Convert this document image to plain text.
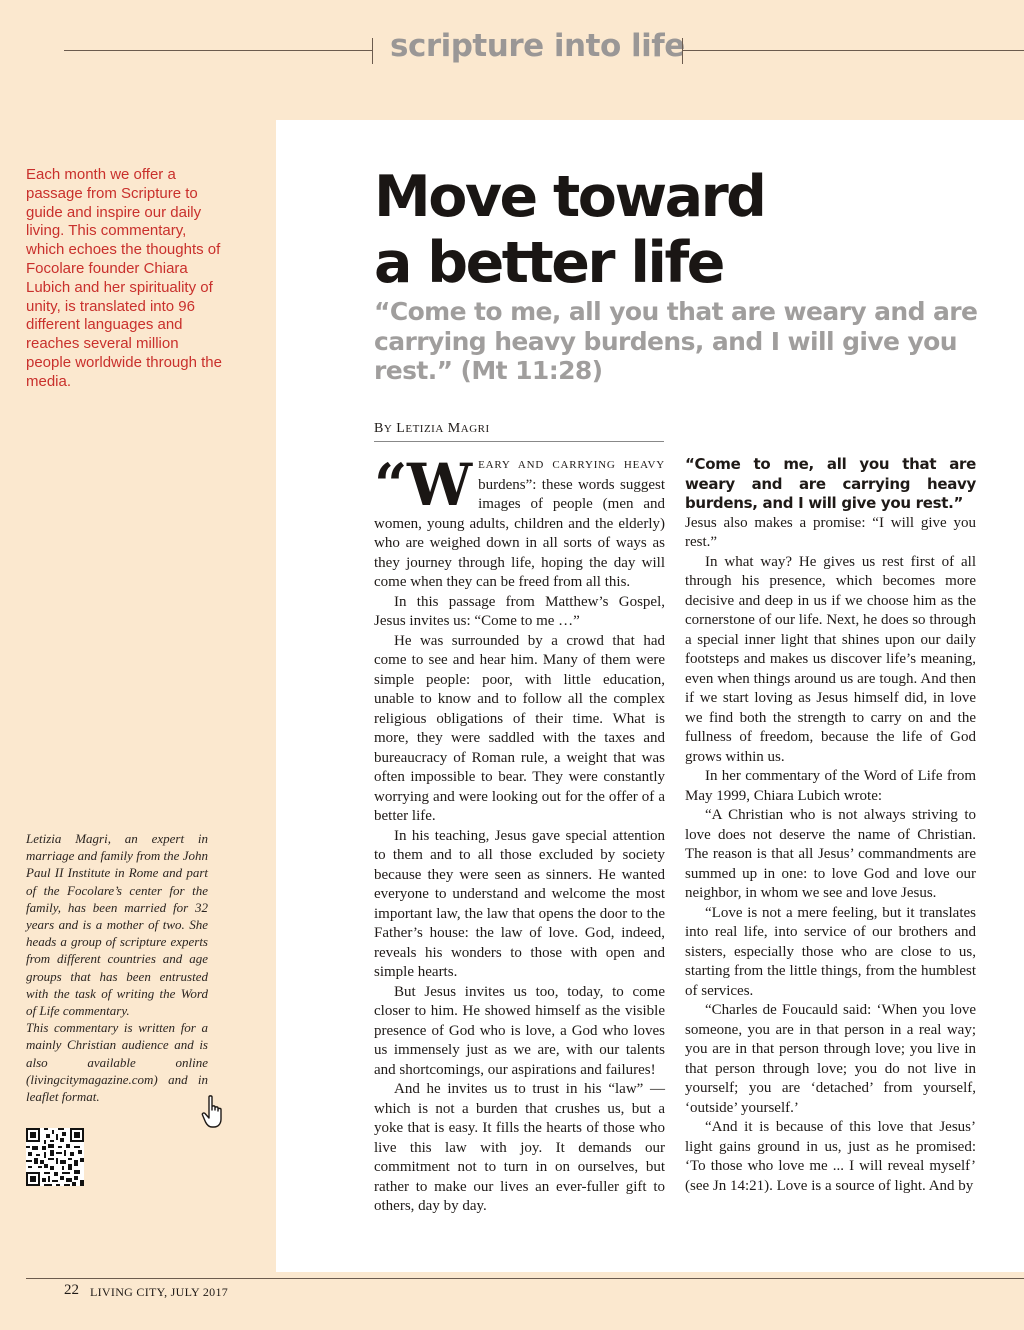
scripture into life
Each month we offer a passage from Scripture to guide and inspire our daily living. This commentary, which echoes the thoughts of Focolare founder Chiara Lubich and her spirituality of unity, is translated into 96 different languages and reaches several million people worldwide through the media.

Letizia Magri, an expert in marriage and family from the John Paul II Institute in Rome and part of the Focolare’s center for the family, has been married for 32 years and is a mother of two. She heads a group of scripture experts from different countries and age groups that has been entrusted with the task of writing the Word of Life commentary.

This commentary is written for a mainly Christian audience and is also available online (livingcitymagazine.com) and in leaflet format.

Move toward
a better life
“Come to me, all you that are weary and are carrying heavy burdens, and I will give you rest.” (Mt 11:28)
BY LETIZIA MAGRI

“WEARY AND CARRYING HEAVY burdens”: these words suggest images of people (men and women, young adults, children and the elderly) who are weighed down in all sorts of ways as they journey through life, hoping the day will come when they can be freed from all this.

In this passage from Matthew’s Gospel, Jesus invites us: “Come to me …”

He was surrounded by a crowd that had come to see and hear him. Many of them were simple people: poor, with little education, unable to know and to follow all the complex religious obligations of their time. What is more, they were saddled with the taxes and bureaucracy of Roman rule, a weight that was often impossible to bear. They were constantly worrying and were looking out for the offer of a better life.

In his teaching, Jesus gave special attention to them and to all those excluded by society because they were seen as sinners. He wanted everyone to understand and welcome the most important law, the law that opens the door to the Father’s house: the law of love. God, indeed, reveals his wonders to those with open and simple hearts.

But Jesus invites us too, today, to come closer to him. He showed himself as the visible presence of God who is love, a God who loves us immensely just as we are, with our talents and shortcomings, our aspirations and failures!

And he invites us to trust in his “law” — which is not a burden that crushes us, but a yoke that is easy. It fills the hearts of those who live this law with joy. It demands our commitment not to turn in on ourselves, but rather to make our lives an ever-fuller gift to others, day by day.

“Come to me, all you that are weary and are carrying heavy burdens, and I will give you rest.”

Jesus also makes a promise: “I will give you rest.”

In what way? He gives us rest first of all through his presence, which becomes more decisive and deep in us if we choose him as the cornerstone of our life. Next, he does so through a special inner light that shines upon our daily footsteps and makes us discover life’s meaning, even when things around us are tough. And then if we start loving as Jesus himself did, in love we find both the strength to carry on and the fullness of freedom, because the life of God grows within us.

In her commentary of the Word of Life from May 1999, Chiara Lubich wrote:

“A Christian who is not always striving to love does not deserve the name of Christian. The reason is that all Jesus’ commandments are summed up in one: to love God and love our neighbor, in whom we see and love Jesus.

“Love is not a mere feeling, but it translates into real life, into service of our brothers and sisters, especially those who are close to us, starting from the little things, from the humblest of services.

“Charles de Foucauld said: ‘When you love someone, you are in that person in a real way; you are in that person through love; you live in that person through love; you do not live in yourself; you are ‘detached’ from yourself, ‘outside’ yourself.’

“And it is because of this love that Jesus’ light gains ground in us, just as he promised: ‘To those who love me ... I will reveal myself’ (see Jn 14:21). Love is a source of light. And by

22 LIVING CITY, JULY 2017
